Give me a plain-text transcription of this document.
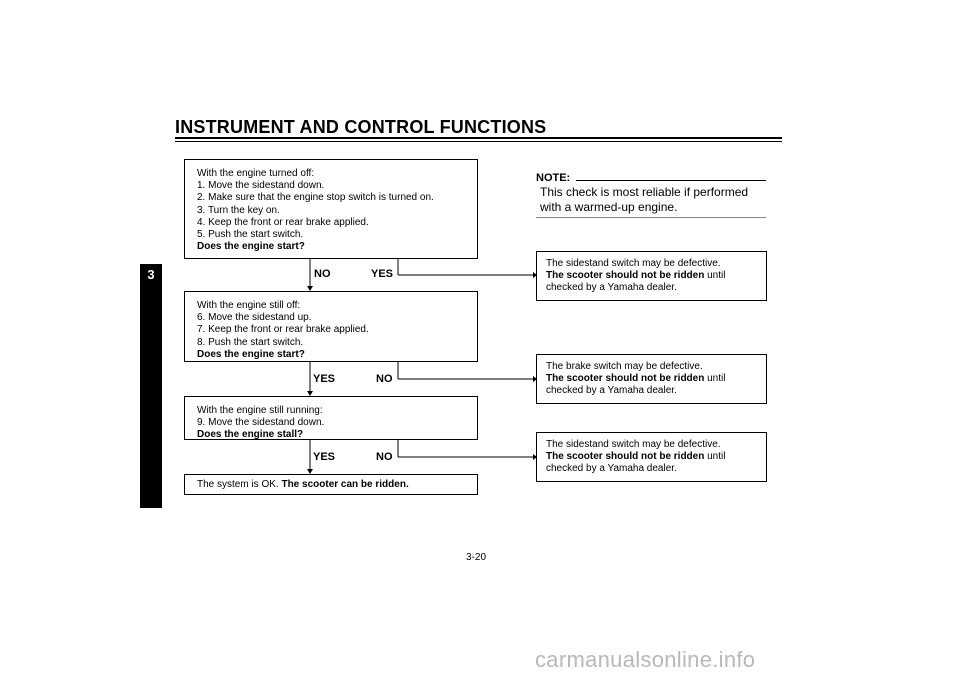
INSTRUMENT AND CONTROL FUNCTIONS
3
With the engine turned off:
1. Move the sidestand down.
2. Make sure that the engine stop switch is turned on.
3. Turn the key on.
4. Keep the front or rear brake applied.
5. Push the start switch.
Does the engine start?
NO	YES
With the engine still off:
6. Move the sidestand up.
7. Keep the front or rear brake applied.
8. Push the start switch.
Does the engine start?
YES	NO
With the engine still running:
9. Move the sidestand down.
Does the engine stall?
YES	NO
The system is OK. The scooter can be ridden.
The sidestand switch may be defective.
The scooter should not be ridden until
checked by a Yamaha dealer.
The brake switch may be defective.
The scooter should not be ridden until
checked by a Yamaha dealer.
The sidestand switch may be defective.
The scooter should not be ridden until
checked by a Yamaha dealer.
NOTE:
This check is most reliable if performed with a warmed-up engine.
3-20
carmanualsonline.info
